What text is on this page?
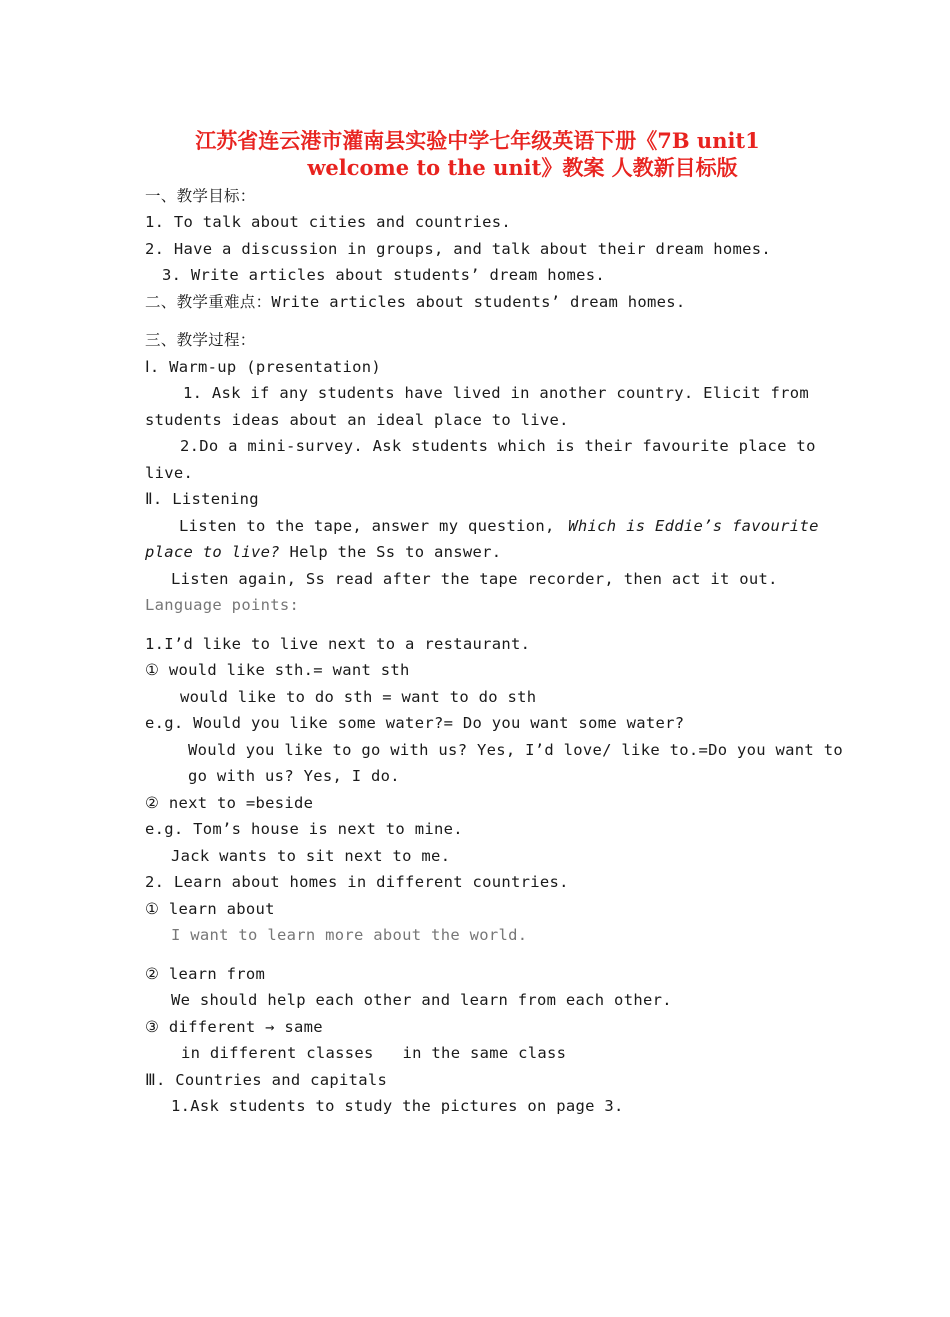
江苏省连云港市灌南县实验中学七年级英语下册《7B unit1
welcome to the unit》教案 人教新目标版
一、教学目标：
1. To talk about cities and countries.
2. Have a discussion in groups, and talk about their dream homes.
3. Write articles about students’ dream homes.
二、教学重难点：Write articles about students’ dream homes.
三、教学过程：
Ⅰ. Warm-up (presentation)
1. Ask if any students have lived in another country. Elicit from
students ideas about an ideal place to live.
2.Do a mini-survey. Ask students which is their favourite place to
live.
Ⅱ. Listening
Listen to the tape, answer my question, Which is Eddie’s favourite
place to live? Help the Ss to answer.
Listen again, Ss read after the tape recorder, then act it out.
Language points:
1.I’d like to live next to a restaurant.
① would like sth.= want sth
would like to do sth = want to do sth
e.g. Would you like some water?= Do you want some water?
Would you like to go with us? Yes, I’d love/ like to.=Do you want to
go with us? Yes, I do.
② next to =beside
e.g. Tom’s house is next to mine.
Jack wants to sit next to me.
2. Learn about homes in different countries.
① learn about
I want to learn more about the world.
② learn from
We should help each other and learn from each other.
③ different → same
in different classes   in the same class
Ⅲ. Countries and capitals
1.Ask students to study the pictures on page 3.
